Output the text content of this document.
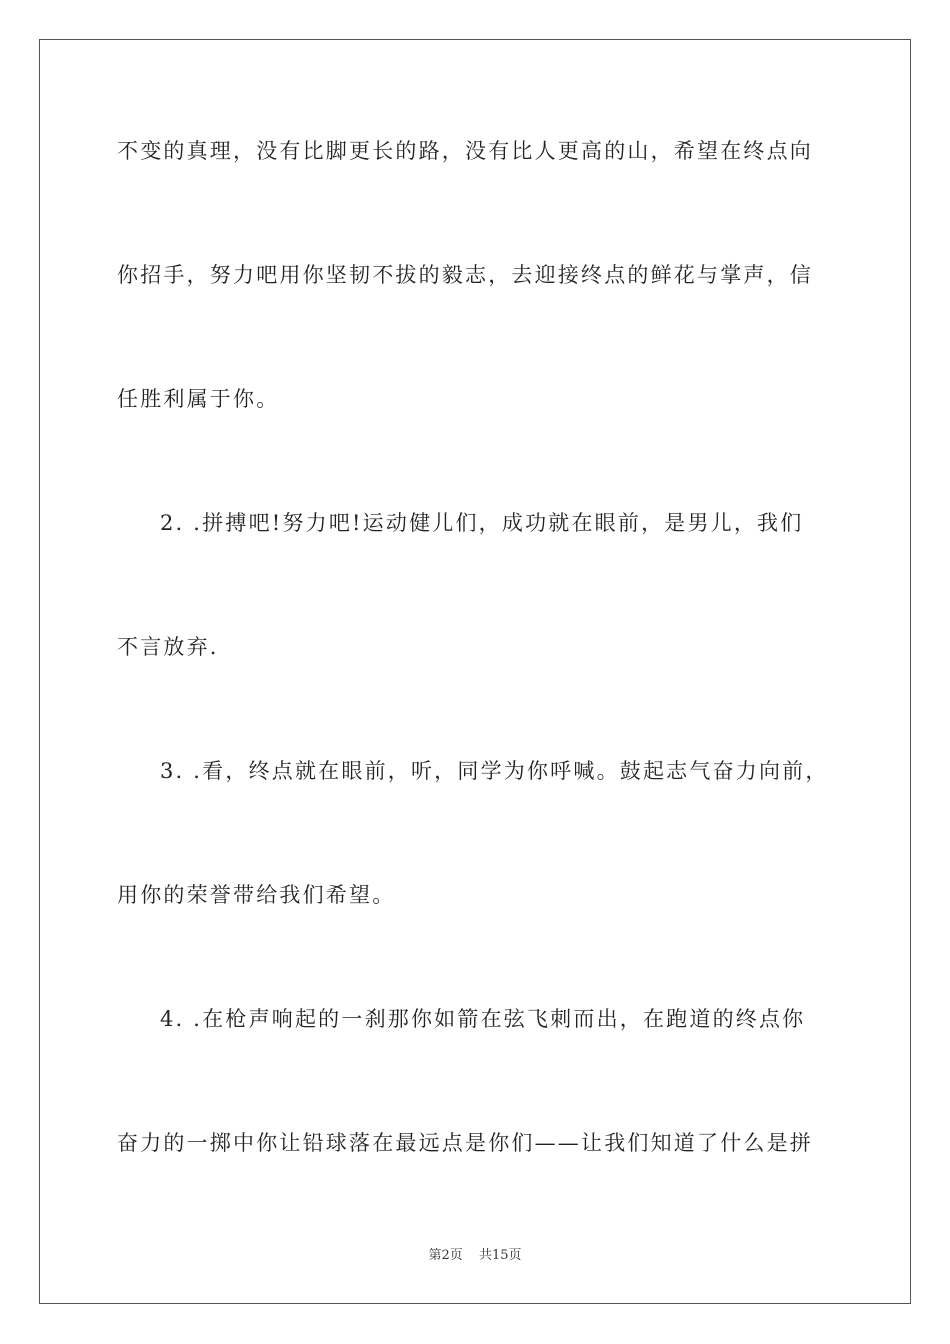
不变的真理，没有比脚更长的路，没有比人更高的山，希望在终点向
你招手，努力吧用你坚韧不拔的毅志，去迎接终点的鲜花与掌声，信
任胜利属于你。
2. .拼搏吧!努力吧!运动健儿们，成功就在眼前，是男儿，我们
不言放弃.
3. .看，终点就在眼前，听，同学为你呼喊。鼓起志气奋力向前，
用你的荣誉带给我们希望。
4. .在枪声响起的一刹那你如箭在弦飞刺而出，在跑道的终点你
奋力的一掷中你让铅球落在最远点是你们——让我们知道了什么是拼
第2页 共15页
